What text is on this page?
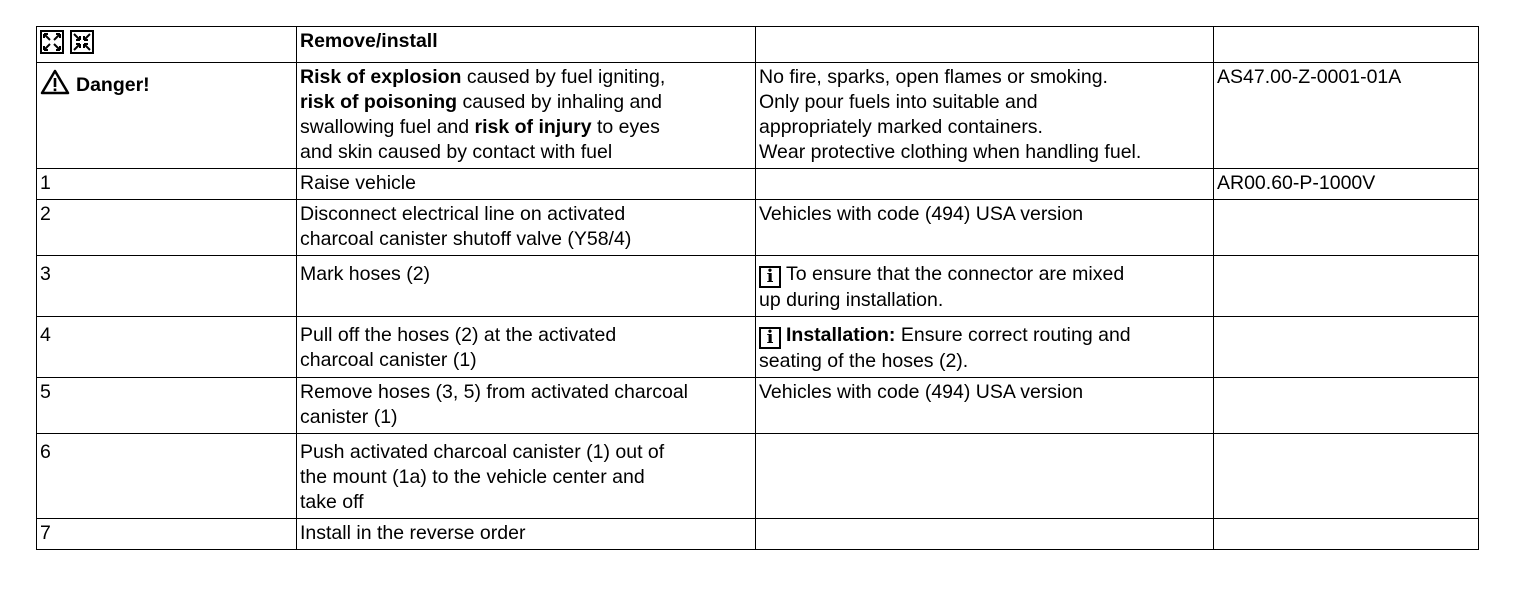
	Remove/install		
Danger!	Risk of explosion caused by fuel igniting,
risk of poisoning caused by inhaling and
swallowing fuel and risk of injury to eyes
and skin caused by contact with fuel	No fire, sparks, open flames or smoking.
Only pour fuels into suitable and
appropriately marked containers.
Wear protective clothing when handling fuel.	AS47.00-Z-0001-01A
1	Raise vehicle		AR00.60-P-1000V
2	Disconnect electrical line on activated
charcoal canister shutoff valve (Y58/4)	Vehicles with code (494) USA version	
3	Mark hoses (2)	i To ensure that the connector are mixed
up during installation.	
4	Pull off the hoses (2) at the activated
charcoal canister (1)	i Installation: Ensure correct routing and
seating of the hoses (2).	
5	Remove hoses (3, 5) from activated charcoal
canister (1)	Vehicles with code (494) USA version	
6	Push activated charcoal canister (1) out of
the mount (1a) to the vehicle center and
take off		
7	Install in the reverse order		
